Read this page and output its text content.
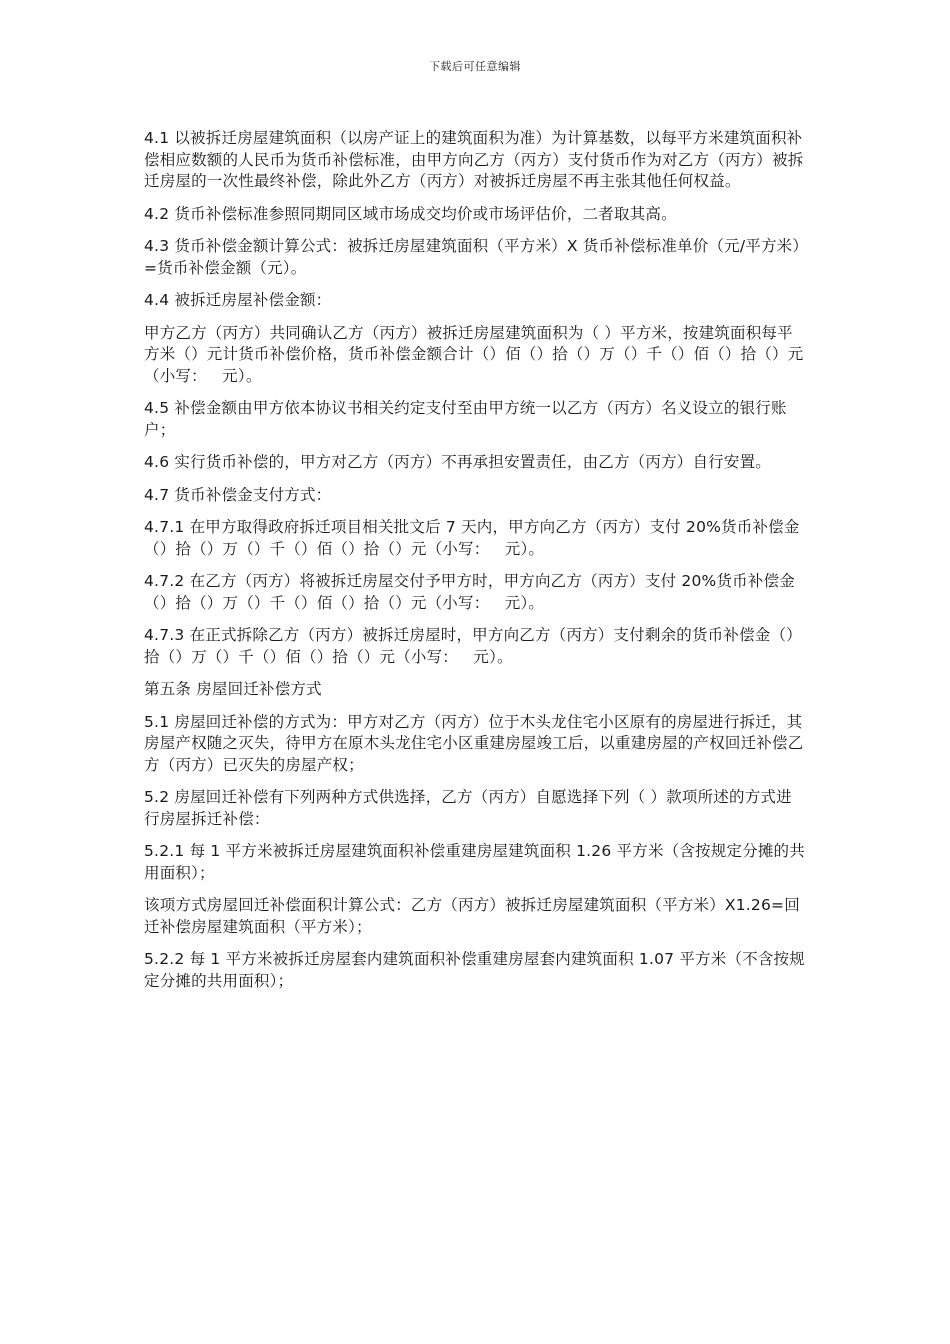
下载后可任意编辑

4.1 以被拆迁房屋建筑面积（以房产证上的建筑面积为准）为计算基数，以每平方米建筑面积补偿相应数额的人民币为货币补偿标准，由甲方向乙方（丙方）支付货币作为对乙方（丙方）被拆迁房屋的一次性最终补偿，除此外乙方（丙方）对被拆迁房屋不再主张其他任何权益。

4.2 货币补偿标准参照同期同区域市场成交均价或市场评估价，二者取其高。

4.3 货币补偿金额计算公式：被拆迁房屋建筑面积（平方米）X 货币补偿标准单价（元/平方米）=货币补偿金额（元）。

4.4 被拆迁房屋补偿金额：

甲方乙方（丙方）共同确认乙方（丙方）被拆迁房屋建筑面积为（ ）平方米，按建筑面积每平方米（）元计货币补偿价格，货币补偿金额合计（）佰（）拾（）万（）千（）佰（）拾（）元（小写：   元）。

4.5 补偿金额由甲方依本协议书相关约定支付至由甲方统一以乙方（丙方）名义设立的银行账户；

4.6 实行货币补偿的，甲方对乙方（丙方）不再承担安置责任，由乙方（丙方）自行安置。

4.7 货币补偿金支付方式：

4.7.1 在甲方取得政府拆迁项目相关批文后 7 天内，甲方向乙方（丙方）支付 20%货币补偿金（）拾（）万（）千（）佰（）拾（）元（小写：   元）。

4.7.2 在乙方（丙方）将被拆迁房屋交付予甲方时，甲方向乙方（丙方）支付 20%货币补偿金（）拾（）万（）千（）佰（）拾（）元（小写：   元）。

4.7.3 在正式拆除乙方（丙方）被拆迁房屋时，甲方向乙方（丙方）支付剩余的货币补偿金（）拾（）万（）千（）佰（）拾（）元（小写：   元）。

第五条 房屋回迁补偿方式

5.1 房屋回迁补偿的方式为：甲方对乙方（丙方）位于木头龙住宅小区原有的房屋进行拆迁，其房屋产权随之灭失，待甲方在原木头龙住宅小区重建房屋竣工后，以重建房屋的产权回迁补偿乙方（丙方）已灭失的房屋产权；

5.2 房屋回迁补偿有下列两种方式供选择，乙方（丙方）自愿选择下列（ ）款项所述的方式进行房屋拆迁补偿：

5.2.1 每 1 平方米被拆迁房屋建筑面积补偿重建房屋建筑面积 1.26 平方米（含按规定分摊的共用面积）；

该项方式房屋回迁补偿面积计算公式：乙方（丙方）被拆迁房屋建筑面积（平方米）X1.26=回迁补偿房屋建筑面积（平方米）；

5.2.2 每 1 平方米被拆迁房屋套内建筑面积补偿重建房屋套内建筑面积 1.07 平方米（不含按规定分摊的共用面积）；
